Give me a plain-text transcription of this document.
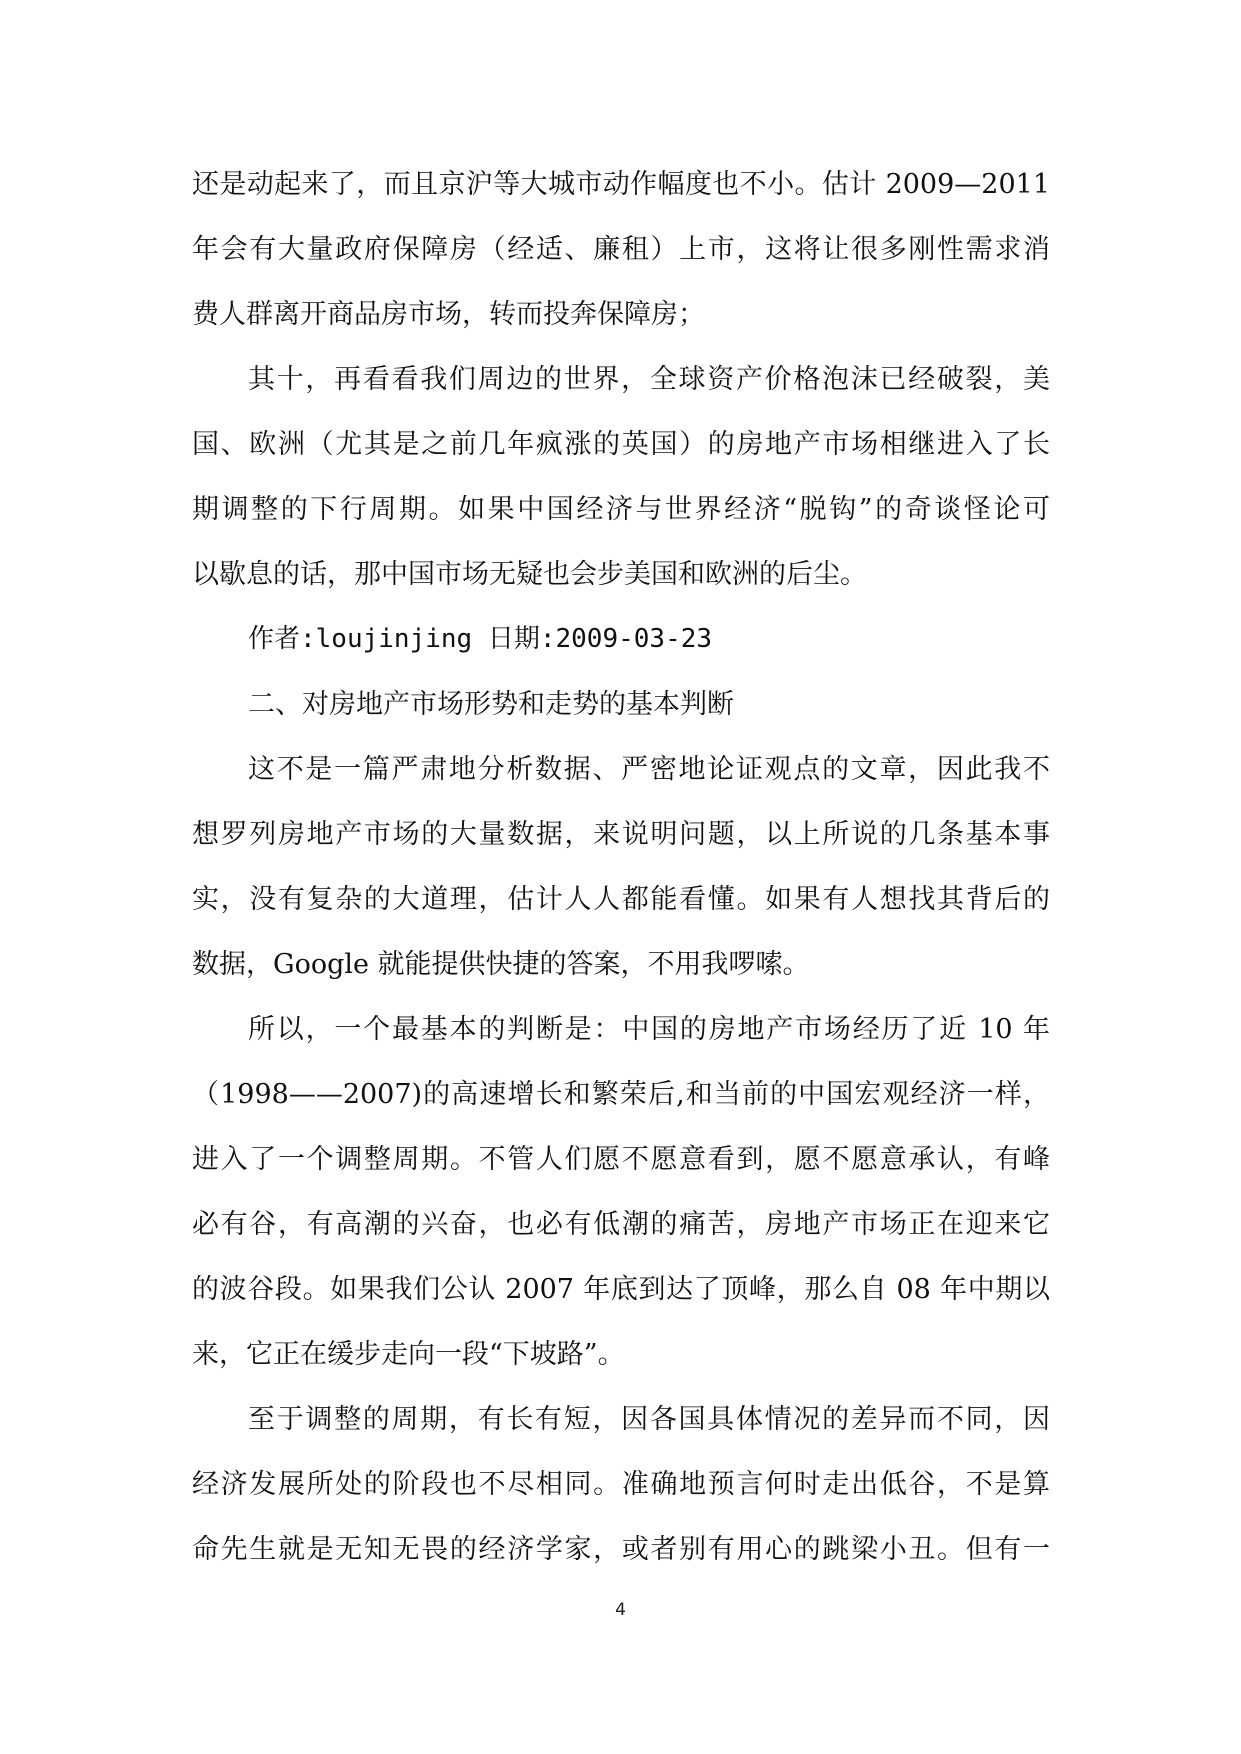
还是动起来了，而且京沪等大城市动作幅度也不小。估计 2009—2011
年会有大量政府保障房（经适、廉租）上市，这将让很多刚性需求消
费人群离开商品房市场，转而投奔保障房；
其十，再看看我们周边的世界，全球资产价格泡沫已经破裂，美
国、欧洲（尤其是之前几年疯涨的英国）的房地产市场相继进入了长
期调整的下行周期。如果中国经济与世界经济“脱钩”的奇谈怪论可
以歇息的话，那中国市场无疑也会步美国和欧洲的后尘。
作者:loujinjing 日期:2009-03-23
二、对房地产市场形势和走势的基本判断
这不是一篇严肃地分析数据、严密地论证观点的文章，因此我不
想罗列房地产市场的大量数据，来说明问题，以上所说的几条基本事
实，没有复杂的大道理，估计人人都能看懂。如果有人想找其背后的
数据，Google 就能提供快捷的答案，不用我啰嗦。
所以，一个最基本的判断是：中国的房地产市场经历了近 10 年
（1998——2007)的高速增长和繁荣后,和当前的中国宏观经济一样，
进入了一个调整周期。不管人们愿不愿意看到，愿不愿意承认，有峰
必有谷，有高潮的兴奋，也必有低潮的痛苦，房地产市场正在迎来它
的波谷段。如果我们公认 2007 年底到达了顶峰，那么自 08 年中期以
来，它正在缓步走向一段“下坡路”。
至于调整的周期，有长有短，因各国具体情况的差异而不同，因
经济发展所处的阶段也不尽相同。准确地预言何时走出低谷，不是算
命先生就是无知无畏的经济学家，或者别有用心的跳梁小丑。但有一
4
